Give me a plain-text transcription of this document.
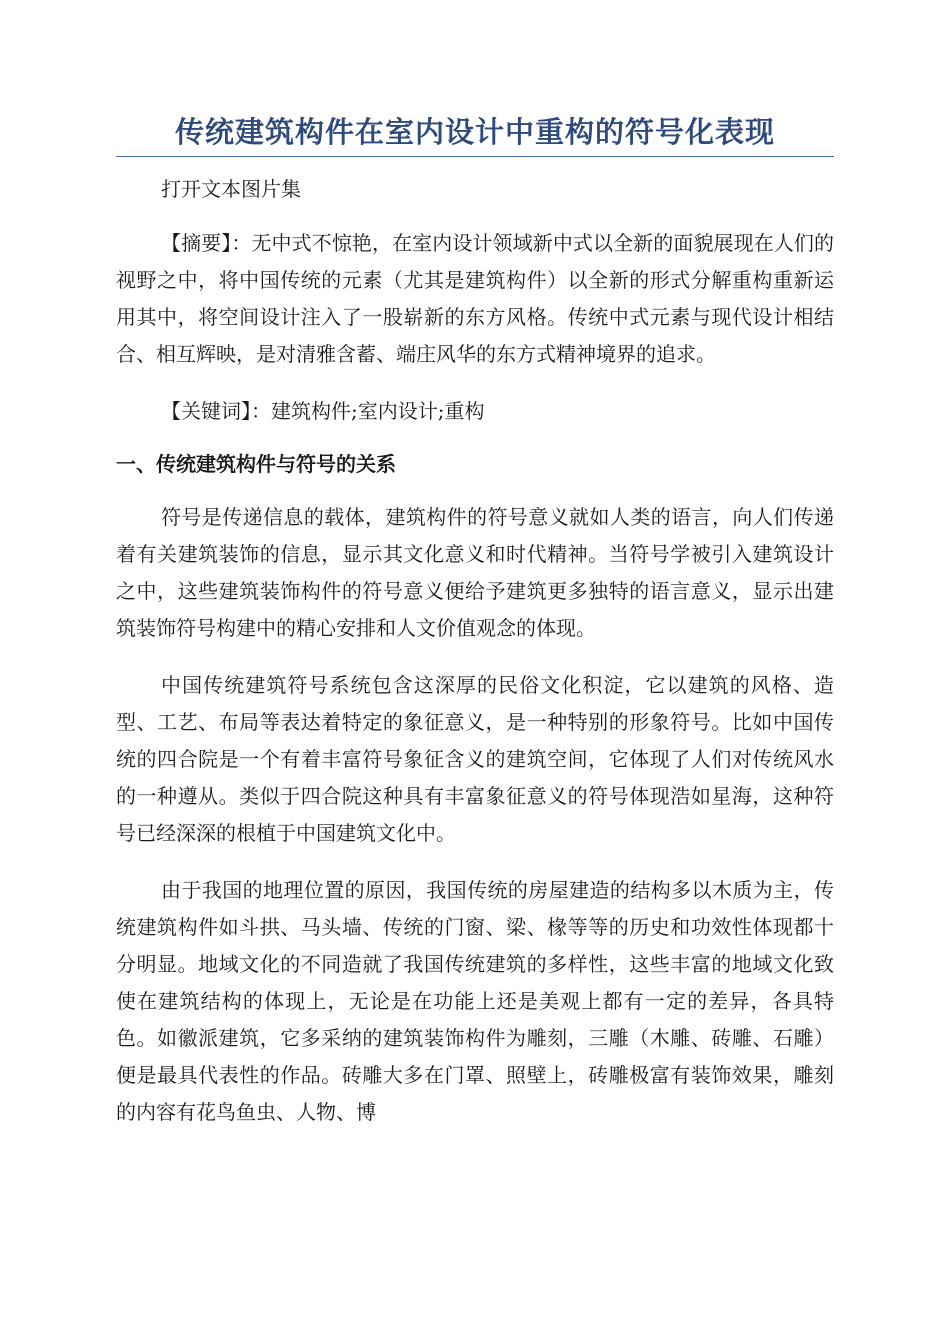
传统建筑构件在室内设计中重构的符号化表现
打开文本图片集

【摘要】：无中式不惊艳，在室内设计领域新中式以全新的面貌展现在人们的视野之中，将中国传统的元素（尤其是建筑构件）以全新的形式分解重构重新运用其中，将空间设计注入了一股崭新的东方风格。传统中式元素与现代设计相结合、相互辉映，是对清雅含蓄、端庄风华的东方式精神境界的追求。

【关键词】：建筑构件;室内设计;重构
一、传统建筑构件与符号的关系

符号是传递信息的载体，建筑构件的符号意义就如人类的语言，向人们传递着有关建筑装饰的信息，显示其文化意义和时代精神。当符号学被引入建筑设计之中，这些建筑装饰构件的符号意义便给予建筑更多独特的语言意义，显示出建筑装饰符号构建中的精心安排和人文价值观念的体现。

中国传统建筑符号系统包含这深厚的民俗文化积淀，它以建筑的风格、造型、工艺、布局等表达着特定的象征意义，是一种特别的形象符号。比如中国传统的四合院是一个有着丰富符号象征含义的建筑空间，它体现了人们对传统风水的一种遵从。类似于四合院这种具有丰富象征意义的符号体现浩如星海，这种符号已经深深的根植于中国建筑文化中。

由于我国的地理位置的原因，我国传统的房屋建造的结构多以木质为主，传统建筑构件如斗拱、马头墙、传统的门窗、梁、椽等等的历史和功效性体现都十分明显。地域文化的不同造就了我国传统建筑的多样性，这些丰富的地域文化致使在建筑结构的体现上，无论是在功能上还是美观上都有一定的差异，各具特色。如徽派建筑，它多采纳的建筑装饰构件为雕刻，三雕（木雕、砖雕、石雕）便是最具代表性的作品。砖雕大多在门罩、照壁上，砖雕极富有装饰效果，雕刻的内容有花鸟鱼虫、人物、博
